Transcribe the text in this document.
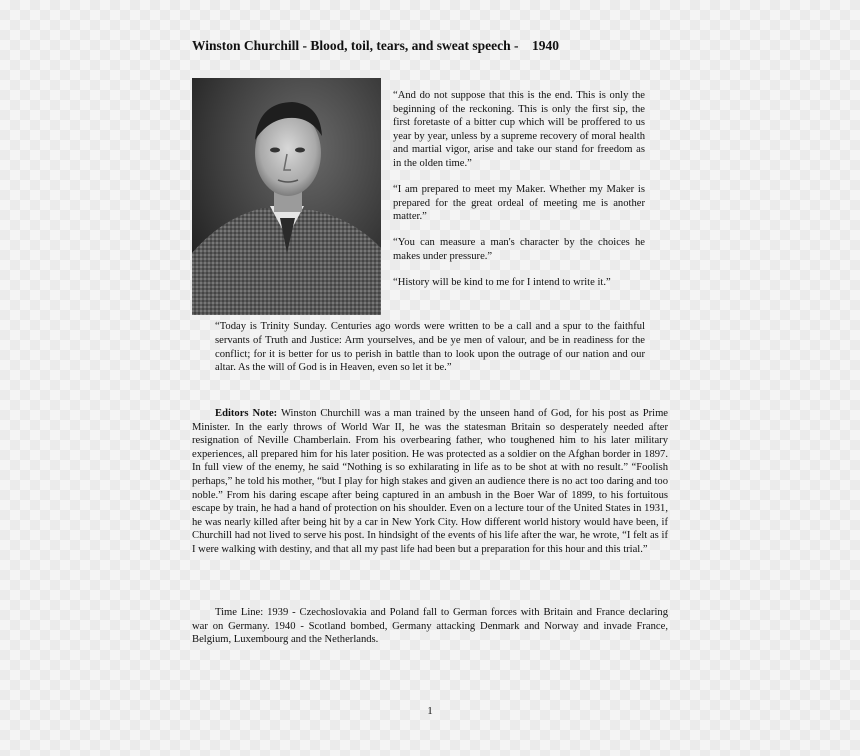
Winston Churchill - Blood, toil, tears, and sweat speech -    1940

“And do not suppose that this is the end. This is only the beginning of the reckoning. This is only the first sip, the first foretaste of a bitter cup which will be proffered to us year by year, unless by a supreme recovery of moral health and martial vigor, arise and take our stand for freedom as in the olden time.”

“I am prepared to meet my Maker. Whether my Maker is prepared for the great ordeal of meeting me is another matter.”

“You can measure a man's character by the choices he makes under pressure.”

“History will be kind to me for I intend to write it.”

“Today is Trinity Sunday. Centuries ago words were written to be a call and a spur to the faithful servants of Truth and Justice: Arm yourselves, and be ye men of valour, and be in readiness for the conflict; for it is better for us to perish in battle than to look upon the outrage of our nation and our altar. As the will of God is in Heaven, even so let it be.”

Editors Note: Winston Churchill was a man trained by the unseen hand of God, for his post as Prime Minister. In the early throws of World War II, he was the statesman Britain so desperately needed after resignation of Neville Chamberlain. From his overbearing father, who toughened him to his later military experiences, all prepared him for his later position. He was protected as a soldier on the Afghan border in 1897. In full view of the enemy, he said “Nothing is so exhilarating in life as to be shot at with no result.” “Foolish perhaps,” he told his mother, “but I play for high stakes and given an audience there is no act too daring and too noble.” From his daring escape after being captured in an ambush in the Boer War of 1899, to his fortuitous escape by train, he had a hand of protection on his shoulder. Even on a lecture tour of the United States in 1931, he was nearly killed after being hit by a car in New York City. How different world history would have been, if Churchill had not lived to serve his post. In hindsight of the events of his life after the war, he wrote, “I felt as if I were walking with destiny, and that all my past life had been but a preparation for this hour and this trial.”

Time Line: 1939 - Czechoslovakia and Poland fall to German forces with Britain and France declaring war on Germany. 1940 - Scotland bombed, Germany attacking Denmark and Norway and invade France, Belgium, Luxembourg and the Netherlands.

1
